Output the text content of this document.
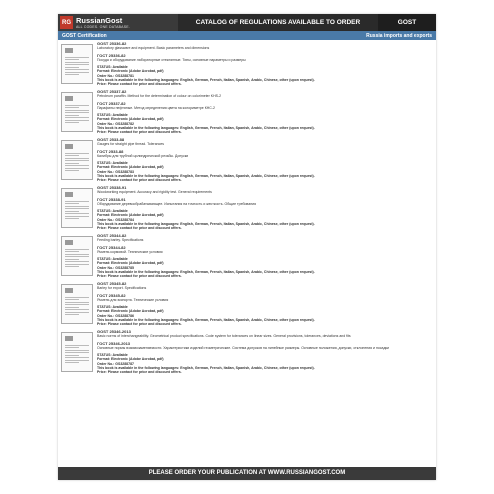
RG RussianGost
ALL CODES. ONE DATABASE.
CATALOG OF REGULATIONS AVAILABLE TO ORDER	GOST
GOST Certification	Russia imports and exports
GOST 25336-82
Laboratory glassware and equipment. Basic parameters and dimensions
ГОСТ 25336-82
Посуда и оборудование лабораторные стеклянные. Типы, основные параметры и размеры
STATUS: Available
Format: Electronic (Adobe Acrobat, pdf)
Order No.: GS3288781
This book is available in the following languages: English, German, French, Italian, Spanish, Arabic, Chinese, other (upon request).
Price: Please contact for price and discount offers.
GOST 25337-82
Petroleum paraffin. Method for the determination of colour on colorimeter KHS-2
ГОСТ 25337-82
Парафины нефтяные. Метод определения цвета на колориметре КНС-2
STATUS: Available
Format: Electronic (Adobe Acrobat, pdf)
Order No.: GS3288782
This book is available in the following languages: English, German, French, Italian, Spanish, Arabic, Chinese, other (upon request).
Price: Please contact for price and discount offers.
GOST 2533-88
Gauges for straight pipe thread. Tolerances
ГОСТ 2533-88
Калибры для трубной цилиндрической резьбы. Допуски
STATUS: Available
Format: Electronic (Adobe Acrobat, pdf)
Order No.: GS3288783
This book is available in the following languages: English, German, French, Italian, Spanish, Arabic, Chinese, other (upon request).
Price: Please contact for price and discount offers.
GOST 25338-91
Woodworking equipment. Accuracy and rigidity test. General requirements
ГОСТ 25338-91
Оборудование деревообрабатывающее. Испытания на точность и жесткость. Общие требования
STATUS: Available
Format: Electronic (Adobe Acrobat, pdf)
Order No.: GS3288784
This book is available in the following languages: English, German, French, Italian, Spanish, Arabic, Chinese, other (upon request).
Price: Please contact for price and discount offers.
GOST 25344-82
Feeding barley. Specifications
ГОСТ 25344-82
Ячмень кормовой. Технические условия
STATUS: Available
Format: Electronic (Adobe Acrobat, pdf)
Order No.: GS3288785
This book is available in the following languages: English, German, French, Italian, Spanish, Arabic, Chinese, other (upon request).
Price: Please contact for price and discount offers.
GOST 25345-82
Barley for export. Specifications
ГОСТ 25345-82
Ячмень для экспорта. Технические условия
STATUS: Available
Format: Electronic (Adobe Acrobat, pdf)
Order No.: GS3288786
This book is available in the following languages: English, German, French, Italian, Spanish, Arabic, Chinese, other (upon request).
Price: Please contact for price and discount offers.
GOST 25346-2013
Basic norms of interchangeability. Geometrical product specifications. Code system for tolerances on linear sizes. General provisions, tolerances, deviations and fits
ГОСТ 25346-2013
Основные нормы взаимозаменяемости. Характеристики изделий геометрические. Система допусков на линейные размеры. Основные положения, допуски, отклонения и посадки
STATUS: Available
Format: Electronic (Adobe Acrobat, pdf)
Order No.: GS3288787
This book is available in the following languages: English, German, French, Italian, Spanish, Arabic, Chinese, other (upon request).
Price: Please contact for price and discount offers.
PLEASE ORDER YOUR PUBLICATION AT WWW.RUSSIANGOST.COM
